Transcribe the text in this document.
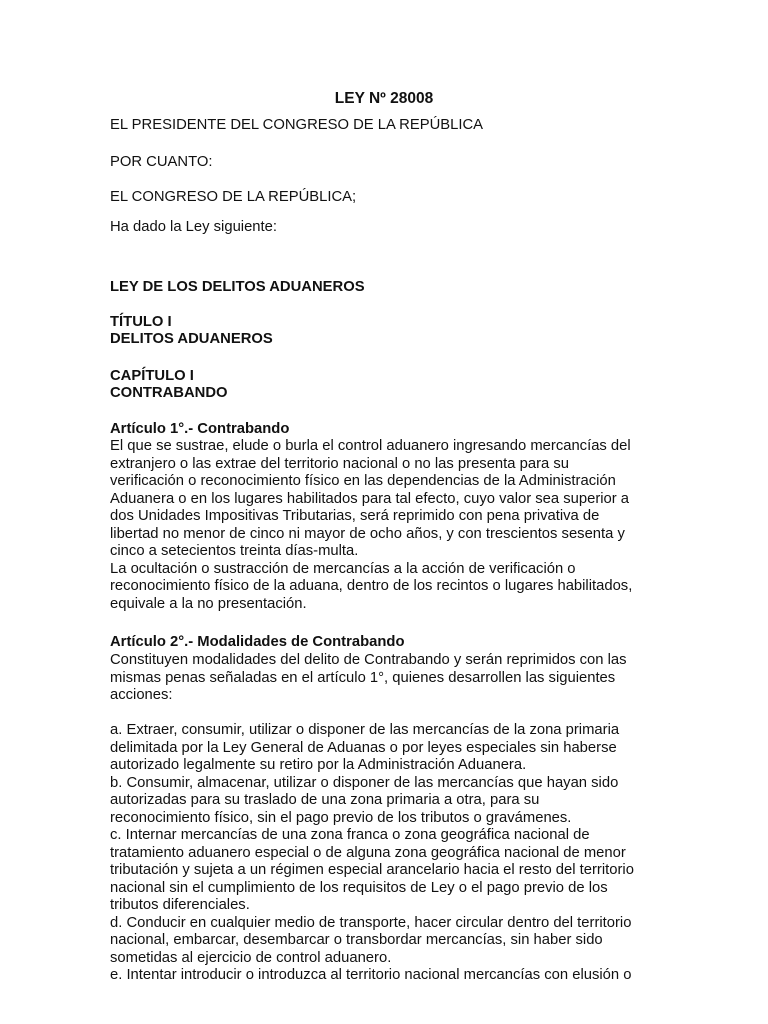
LEY Nº 28008

EL PRESIDENTE DEL CONGRESO DE LA REPÚBLICA

POR CUANTO:

EL CONGRESO DE LA REPÚBLICA;

Ha dado la Ley siguiente:

LEY DE LOS DELITOS ADUANEROS

TÍTULO I

DELITOS ADUANEROS

CAPÍTULO I

CONTRABANDO

Artículo 1°.- Contrabando

El que se sustrae, elude o burla el control aduanero ingresando mercancías del
extranjero o las extrae del territorio nacional o no las presenta para su
verificación o reconocimiento físico en las dependencias de la Administración
Aduanera o en los lugares habilitados para tal efecto, cuyo valor sea superior a
dos Unidades Impositivas Tributarias, será reprimido con pena privativa de
libertad no menor de cinco ni mayor de ocho años, y con trescientos sesenta y
cinco a setecientos treinta días-multa.
La ocultación o sustracción de mercancías a la acción de verificación o
reconocimiento físico de la aduana, dentro de los recintos o lugares habilitados,
equivale a la no presentación.

Artículo 2°.- Modalidades de Contrabando

Constituyen modalidades del delito de Contrabando y serán reprimidos con las
mismas penas señaladas en el artículo 1°, quienes desarrollen las siguientes
acciones:
a. Extraer, consumir, utilizar o disponer de las mercancías de la zona primaria
delimitada por la Ley General de Aduanas o por leyes especiales sin haberse
autorizado legalmente su retiro por la Administración Aduanera.
b. Consumir, almacenar, utilizar o disponer de las mercancías que hayan sido
autorizadas para su traslado de una zona primaria a otra, para su
reconocimiento físico, sin el pago previo de los tributos o gravámenes.
c. Internar mercancías de una zona franca o zona geográfica nacional de
tratamiento aduanero especial o de alguna zona geográfica nacional de menor
tributación y sujeta a un régimen especial arancelario hacia el resto del territorio
nacional sin el cumplimiento de los requisitos de Ley o el pago previo de los
tributos diferenciales.
d. Conducir en cualquier medio de transporte, hacer circular dentro del territorio
nacional, embarcar, desembarcar o transbordar mercancías, sin haber sido
sometidas al ejercicio de control aduanero.
e. Intentar introducir o introduzca al territorio nacional mercancías con elusión o
